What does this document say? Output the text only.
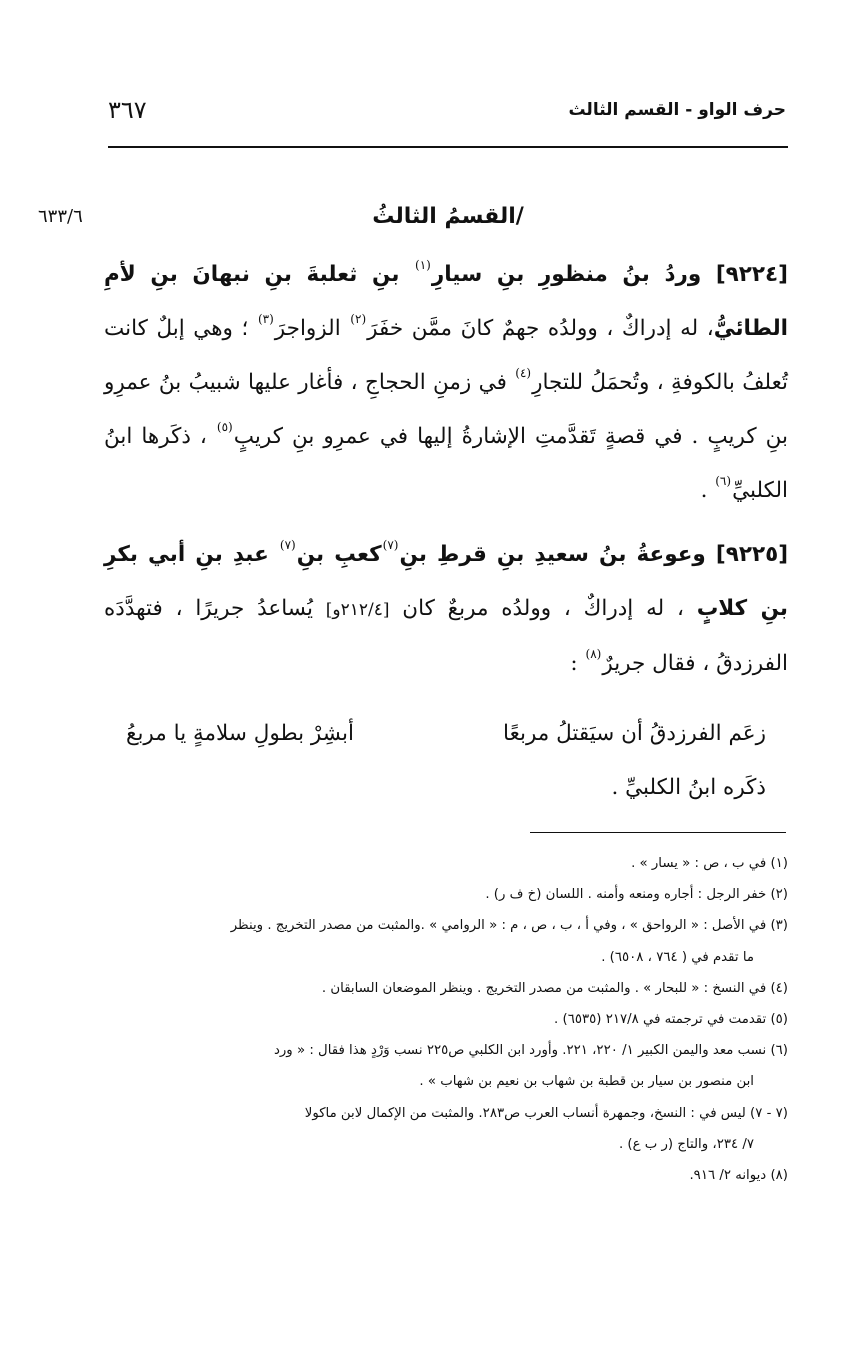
حرف الواو - القسم الثالث
٣٦٧
٦٣٣/٦	/القسمُ الثالثُ

[٩٢٢٤] وردُ بنُ منظورِ بنِ سيارِ$^{(١)}$ بنِ ثعلبةَ بنِ نبهانَ بنِ لأمِ الطائيُّ، له إدراكٌ ، وولدُه جهمٌ كانَ ممَّن خفَرَ$^{(٢)}$ الزواجرَ$^{(٣)}$ ؛ وهي إبلٌ كانت تُعلفُ بالكوفةِ ، وتُحمَلُ للتجارِ$^{(٤)}$ في زمنِ الحجاجِ ، فأغار عليها شبيبُ بنُ عمرِو بنِ كريبٍ . في قصةٍ تَقدَّمتِ الإشارةُ إليها في عمرِو بنِ كريبٍ$^{(٥)}$ ، ذكَرها ابنُ الكلبيِّ$^{(٦)}$ .

[٩٢٢٥] وعوعةُ بنُ سعيدِ بنِ قرطِ بنِ$^{(٧)}$كعبِ بنِ$^{(٧)}$ عبدِ بنِ أبي بكرِ بنِ كلابٍ ، له إدراكٌ ، وولدُه مربعٌ كان [٢١٢/٤و] يُساعدُ جريرًا ، فتهدَّدَه الفرزدقُ ، فقال جريرٌ$^{(٨)}$ :

زعَم الفرزدقُ أن سيَقتلُ مربعًا
أبشِرْ بطولِ سلامةٍ يا مربعُ
ذكَره ابنُ الكلبيِّ .

(١) في ب ، ص : « يسار » .

(٢) خفر الرجل : أجاره ومنعه وأمنه . اللسان (خ ف ر) .

(٣) في الأصل : « الرواحق » ، وفي أ ، ب ، ص ، م : « الروامي » .والمثبت من مصدر التخريج . وينظر

ما تقدم في ( ٧٦٤ ، ٦٥٠٨) .

(٤) في النسخ : « للبحار » . والمثبت من مصدر التخريج . وينظر الموضعان السابقان .

(٥) تقدمت في ترجمته في ٢١٧/٨ (٦٥٣٥) .

(٦) نسب معد واليمن الكبير ١/ ٢٢٠، ٢٢١. وأورد ابن الكلبي ص٢٢٥ نسب وَرْدٍ هذا فقال : « ورد

ابن منصور بن سيار بن قطبة بن شهاب بن نعيم بن شهاب » .

(٧ - ٧) ليس في : النسخ، وجمهرة أنساب العرب ص٢٨٣. والمثبت من الإكمال لابن ماكولا

٧/ ٢٣٤، والتاج (ر ب ع) .

(٨) ديوانه ٢/ ٩١٦.
